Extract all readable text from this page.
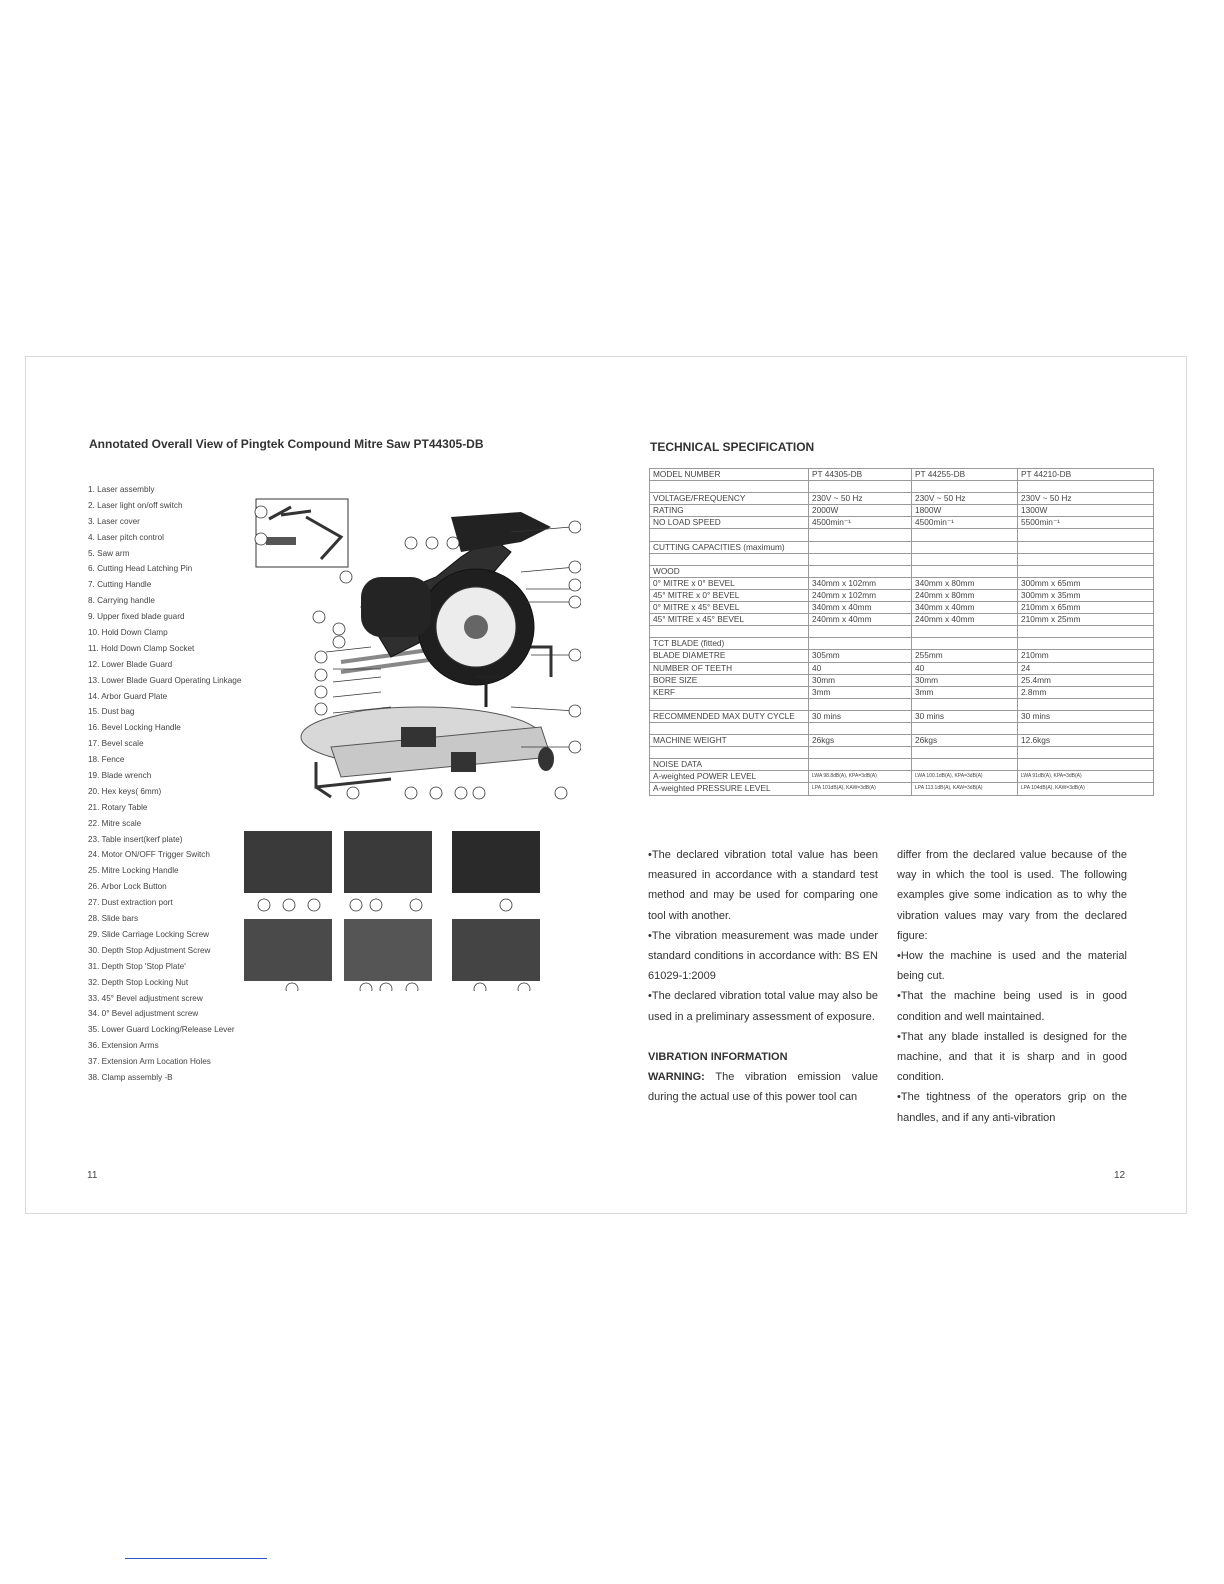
Annotated Overall View of Pingtek Compound Mitre Saw PT44305-DB
1. Laser assembly
2. Laser light on/off switch
3. Laser cover
4. Laser pitch control
5. Saw arm
6. Cutting Head Latching Pin
7. Cutting Handle
8. Carrying handle
9. Upper fixed blade guard
10. Hold Down Clamp
11. Hold Down Clamp Socket
12. Lower Blade Guard
13. Lower Blade Guard Operating Linkage
14. Arbor Guard Plate
15. Dust bag
16. Bevel Locking Handle
17. Bevel scale
18. Fence
19. Blade wrench
20. Hex keys( 6mm)
21. Rotary Table
22. Mitre scale
23. Table insert(kerf plate)
24. Motor ON/OFF Trigger Switch
25. Mitre Locking Handle
26. Arbor Lock Button
27. Dust extraction port
28. Slide bars
29. Slide Carriage Locking Screw
30. Depth Stop Adjustment Screw
31. Depth Stop 'Stop Plate'
32. Depth Stop Locking Nut
33. 45° Bevel adjustment screw
34. 0° Bevel adjustment screw
35. Lower Guard Locking/Release Lever
36. Extension Arms
37. Extension Arm Location Holes
38. Clamp assembly -B
11
TECHNICAL SPECIFICATION
MODEL NUMBER	PT 44305-DB	PT 44255-DB	PT 44210-DB

VOLTAGE/FREQUENCY	230V ~ 50 Hz	230V ~ 50 Hz	230V ~ 50 Hz
RATING	2000W	1800W	1300W
NO LOAD SPEED	4500min⁻¹	4500min⁻¹	5500min⁻¹

CUTTING CAPACITIES (maximum)			

WOOD			
0° MITRE x 0° BEVEL	340mm x 102mm	340mm x 80mm	300mm x 65mm
45° MITRE x 0° BEVEL	240mm x 102mm	240mm x 80mm	300mm x 35mm
0° MITRE x 45° BEVEL	340mm x 40mm	340mm x 40mm	210mm x 65mm
45° MITRE x 45° BEVEL	240mm x 40mm	240mm x 40mm	210mm x 25mm

TCT BLADE (fitted)			
BLADE DIAMETRE	305mm	255mm	210mm
NUMBER OF TEETH	40	40	24
BORE SIZE	30mm	30mm	25.4mm
KERF	3mm	3mm	2.8mm

RECOMMENDED MAX DUTY CYCLE	30 mins	30 mins	30 mins

MACHINE WEIGHT	26kgs	26kgs	12.6kgs

NOISE DATA			
A-weighted POWER LEVEL	LWA 98.8dB(A), KPA=3dB(A)	LWA 100.1dB(A), KPA=3dB(A)	LWA 91dB(A), KPA=3dB(A)
A-weighted PRESSURE LEVEL	LPA 101dB(A), KAW=3dB(A)	LPA 113.1dB(A), KAW=3dB(A)	LPA 104dB(A), KAW=3dB(A)

•The declared vibration total value has been measured in accordance with a standard test method and may be used for comparing one tool with another.

•The vibration measurement was made under standard conditions in accordance with: BS EN 61029-1:2009

•The declared vibration total value may also be used in a preliminary assessment of exposure.

VIBRATION INFORMATION

WARNING: The vibration emission value during the actual use of this power tool can

differ from the declared value because of the way in which the tool is used. The following examples give some indication as to why the vibration values may vary from the declared figure:

•How the machine is used and the material being cut.

•That the machine being used is in good condition and well maintained.

•That any blade installed is designed for the machine, and that it is sharp and in good condition.

•The tightness of the operators grip on the handles, and if any anti-vibration

12
